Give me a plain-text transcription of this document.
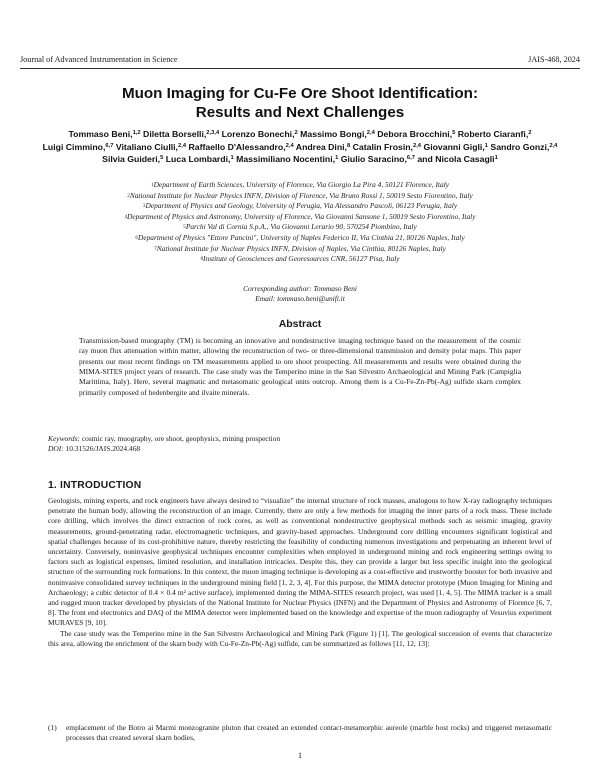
Journal of Advanced Instrumentation in Science	JAIS-468, 2024
Muon Imaging for Cu-Fe Ore Shoot Identification:
Results and Next Challenges
Tommaso Beni,$^{1,2}$ Diletta Borselli,$^{2,3,4}$ Lorenzo Bonechi,$^2$ Massimo Bongi,$^{2,4}$ Debora Brocchini,$^5$ Roberto Ciaranfi,$^2$ Luigi Cimmino,$^{6,7}$ Vitaliano Ciulli,$^{2,4}$ Raffaello D'Alessandro,$^{2,4}$ Andrea Dini,$^8$ Catalin Frosin,$^{2,4}$ Giovanni Gigli,$^1$ Sandro Gonzi,$^{2,4}$ Silvia Guideri,$^5$ Luca Lombardi,$^1$ Massimiliano Nocentini,$^1$ Giulio Saracino,$^{6,7}$ and Nicola Casagli$^1$
$^1$Department of Earth Sciences, University of Florence, Via Giorgio La Pira 4, 50121 Florence, Italy
$^2$National Institute for Nuclear Physics INFN, Division of Florence, Via Bruno Rossi 1, 50019 Sesto Fiorentino, Italy
$^3$Department of Physics and Geology, University of Perugia, Via Alessandro Pascoli, 06123 Perugia, Italy
$^4$Department of Physics and Astronomy, University of Florence, Via Giovanni Sansone 1, 50019 Sesto Fiorentino, Italy
$^5$Parchi Val di Cornia S.p.A., Via Giovanni Lerario 90, 570254 Piombino, Italy
$^6$Department of Physics "Ettore Pancini", University of Naples Federico II, Via Cinthia 21, 80126 Naples, Italy
$^7$National Institute for Nuclear Physics INFN, Division of Naples, Via Cinthia, 80126 Naples, Italy
$^8$Institute of Geosciences and Georesources CNR, 56127 Pisa, Italy
Corresponding author: Tommaso Beni
Email: tommaso.beni@unifi.it
Abstract
Transmission-based muography (TM) is becoming an innovative and nondestructive imaging technique based on the measurement of the cosmic ray muon flux attenuation within matter, allowing the reconstruction of two- or three-dimensional transmission and density polar maps. This paper presents our most recent findings on TM measurements applied to ore shoot prospecting. All measurements and results were obtained during the MIMA-SITES project years of research. The case study was the Temperino mine in the San Silvestro Archaeological and Mining Park (Campiglia Marittima, Italy). Here, several magmatic and metasomatic geological units outcrop. Among them is a Cu-Fe-Zn-Pb(-Ag) sulfide skarn complex primarily composed of hedenbergite and ilvaite minerals.
Keywords: cosmic ray, muography, ore shoot, geophysics, mining prospection
DOI: 10.31526/JAIS.2024.468
1. INTRODUCTION

Geologists, mining experts, and rock engineers have always desired to “visualize” the internal structure of rock masses, analogous to how X-ray radiography techniques penetrate the human body, allowing the reconstruction of an image. Currently, there are only a few methods for imaging the inner parts of a rock mass. These include core drilling, which involves the direct extraction of rock cores, as well as conventional nondestructive geophysical methods such as seismic imaging, gravity measurements, ground-penetrating radar, electromagnetic techniques, and gravity-based approaches. Underground core drilling encounters significant logistical and spatial challenges because of its cost-prohibitive nature, thereby restricting the feasibility of conducting numerous investigations and perpetuating an inherent level of uncertainty. Conversely, noninvasive geophysical techniques encounter complexities when employed in underground mining and rock engineering settings owing to factors such as logistical expenses, limited resolution, and installation intricacies. Despite this, they can provide a larger but less specific insight into the geological structure of the surrounding rock formations. In this context, the muon imaging technique is developing as a cost-effective and trustworthy booster for both invasive and noninvasive consolidated survey techniques in the underground mining field [1, 2, 3, 4]. For this purpose, the MIMA detector prototype (Muon Imaging for Mining and Archaeology; a cubic detector of 0.4 × 0.4 m² active surface), implemented during the MIMA-SITES research project, was used [1, 4, 5]. The MIMA tracker is a small and rugged muon tracker developed by physicists of the National Institute for Nuclear Physics (INFN) and the Department of Physics and Astronomy of Florence [6, 7, 8]. The front end electronics and DAQ of the MIMA detector were implemented based on the knowledge and expertise of the muon radiography of Vesuvius experiment MURAVES [9, 10].

The case study was the Temperino mine in the San Silvestro Archaeological and Mining Park (Figure 1) [1]. The geological succession of events that characterize this area, allowing the enrichment of the skarn body with Cu-Fe-Zn-Pb(-Ag) sulfide, can be summarized as follows [11, 12, 13]:

(1)	emplacement of the Botro ai Marmi monzogranite pluton that created an extended contact-metamorphic aureole (marble host rocks) and triggered metasomatic processes that created several skarn bodies,
1
